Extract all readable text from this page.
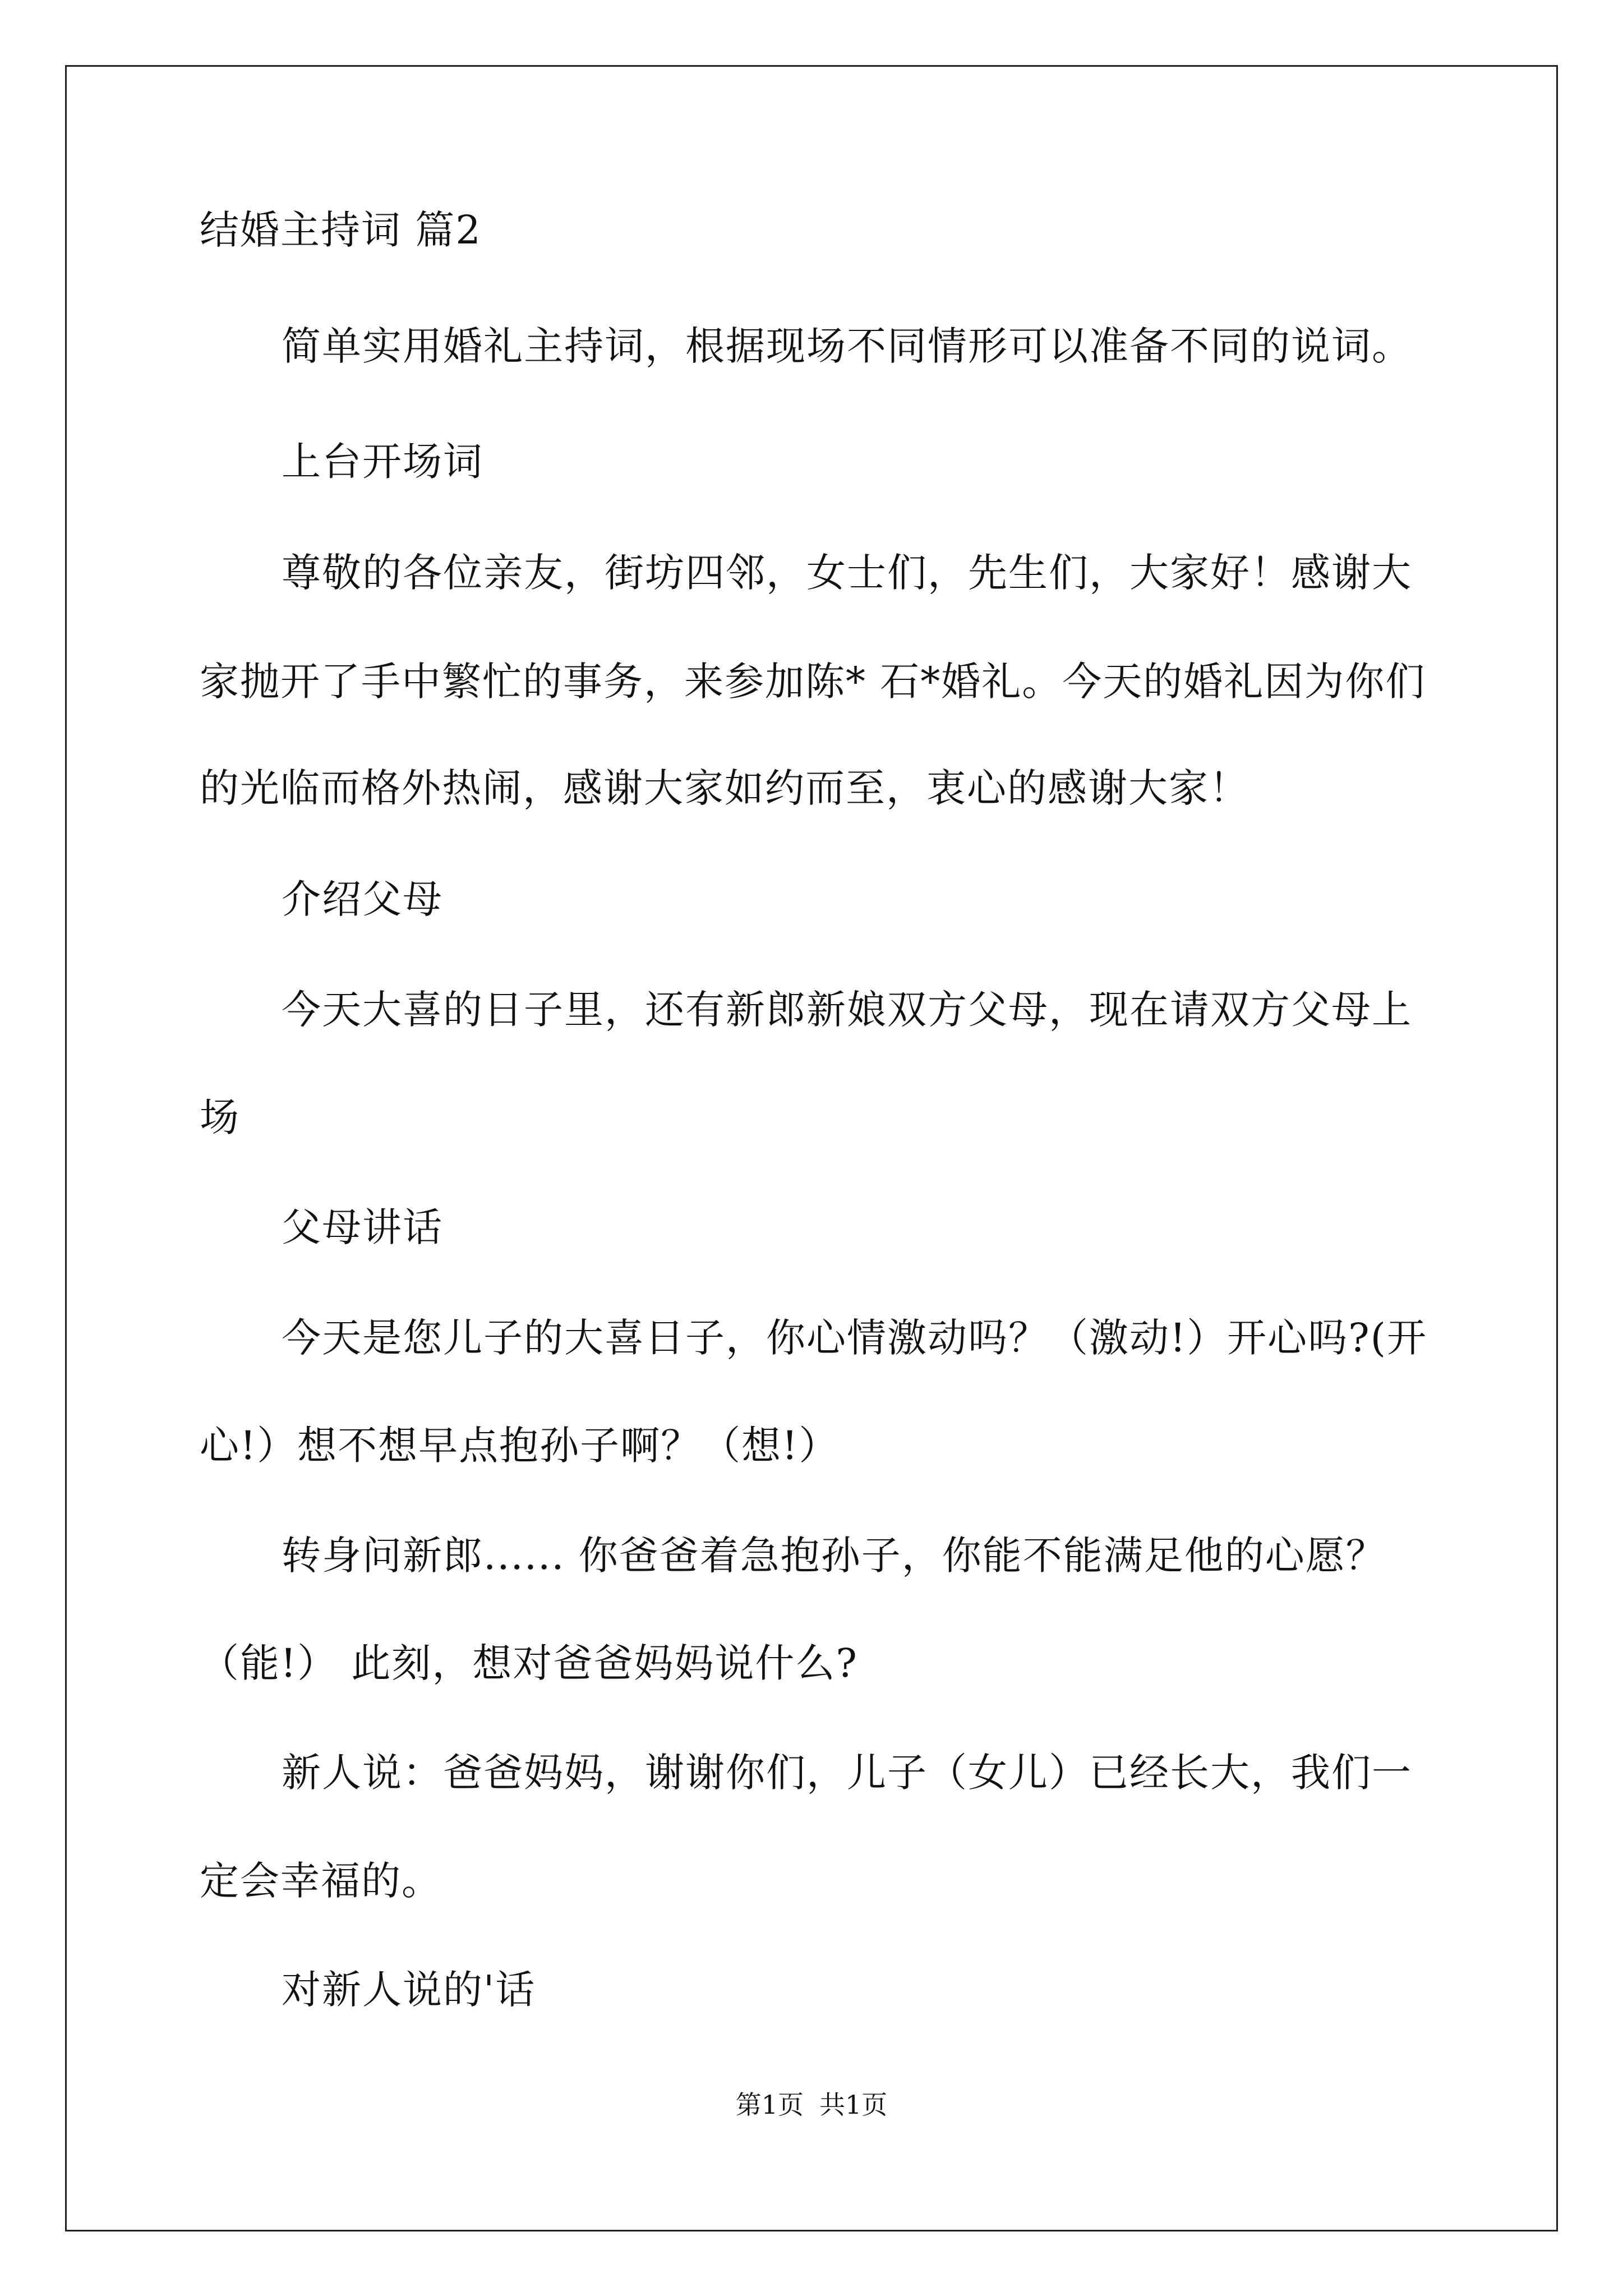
结婚主持词 篇2
简单实用婚礼主持词，根据现场不同情形可以准备不同的说词。
上台开场词
尊敬的各位亲友，街坊四邻，女士们，先生们，大家好！感谢大
家抛开了手中繁忙的事务，来参加陈* 石*婚礼。今天的婚礼因为你们
的光临而格外热闹，感谢大家如约而至，衷心的感谢大家！
介绍父母
今天大喜的日子里，还有新郎新娘双方父母，现在请双方父母上
场
父母讲话
今天是您儿子的大喜日子，你心情激动吗？（激动!）开心吗?(开
心!）想不想早点抱孙子啊？（想!）
转身问新郎...... 你爸爸着急抱孙子，你能不能满足他的心愿？
（能!） 此刻，想对爸爸妈妈说什么?
新人说：爸爸妈妈，谢谢你们，儿子（女儿）已经长大，我们一
定会幸福的。
对新人说的'话
第1页 共1页
